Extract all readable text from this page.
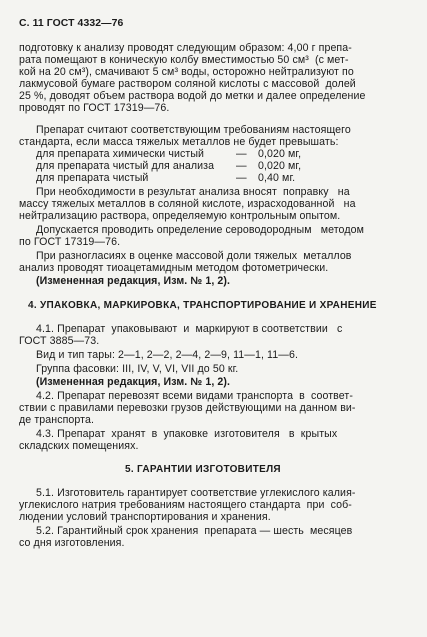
С. 11 ГОСТ 4332—76
подготовку к анализу проводят следующим образом: 4,00 г препа-
рата помещают в коническую колбу вместимостью 50 см³  (с мет-
кой на 20 см³), смачивают 5 см³ воды, осторожно нейтрализуют по
лакмусовой бумаге раствором соляной кислоты с массовой  долей
25 %, доводят объем раствора водой до метки и далее определение
проводят по ГОСТ 17319—76.
Препарат считают соответствующим требованиям настоящего
стандарта, если масса тяжелых металлов не будет превышать:
для препарата химически чистый	— 0,020 мг,
для препарата чистый для анализа — 0,020 мг,
для препарата чистый	— 0,40 мг.
При необходимости в результат анализа вносят  поправку   на
массу тяжелых металлов в соляной кислоте, израсходованной   на
нейтрализацию раствора, определяемую контрольным опытом.
Допускается проводить определение сероводородным   методом
по ГОСТ 17319—76.
При разногласиях в оценке массовой доли тяжелых  металлов
анализ проводят тиоацетамидным методом фотометрически.
(Измененная редакция, Изм. № 1, 2).
4. УПАКОВКА, МАРКИРОВКА, ТРАНСПОРТИРОВАНИЕ И ХРАНЕНИЕ
4.1. Препарат  упаковывают  и  маркируют в соответствии   с
ГОСТ 3885—73.
Вид и тип тары: 2—1, 2—2, 2—4, 2—9, 11—1, 11—6.
Группа фасовки: III, IV, V, VI, VII до 50 кг.
(Измененная редакция, Изм. № 1, 2).
4.2. Препарат перевозят всеми видами транспорта  в  соответ-
ствии с правилами перевозки грузов действующими на данном ви-
де транспорта.
4.3. Препарат  хранят  в  упаковке  изготовителя   в  крытых
складских помещениях.
5. ГАРАНТИИ ИЗГОТОВИТЕЛЯ
5.1. Изготовитель гарантирует соответствие углекислого калия-
углекислого натрия требованиям настоящего стандарта  при  соб-
людении условий транспортирования и хранения.
5.2. Гарантийный срок хранения  препарата — шесть  месяцев
со дня изготовления.
